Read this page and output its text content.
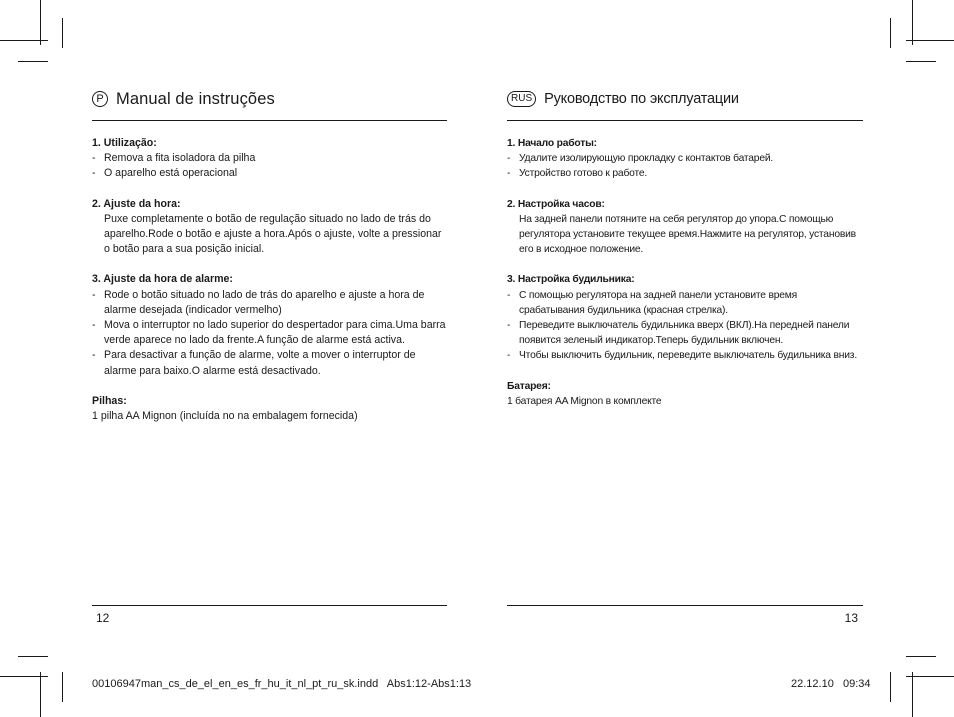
P Manual de instruções
1. Utilização:
- Remova a fita isoladora da pilha
- O aparelho está operacional
2. Ajuste da hora:
Puxe completamente o botão de regulação situado no lado de trás do aparelho.Rode o botão e ajuste a hora.Após o ajuste, volte a pressionar o botão para a sua posição inicial.
3. Ajuste da hora de alarme:
- Rode o botão situado no lado de trás do aparelho e ajuste a hora de alarme desejada (indicador vermelho)
- Mova o interruptor no lado superior do despertador para cima.Uma barra verde aparece no lado da frente.A função de alarme está activa.
- Para desactivar a função de alarme, volte a mover o interruptor de alarme para baixo.O alarme está desactivado.
Pilhas:
1 pilha AA Mignon (incluída no na embalagem fornecida)
12
RUS Руководство по эксплуатации
1. Начало работы:
- Удалите изолирующую прокладку с контактов батарей.
- Устройство готово к работе.
2. Настройка часов:
На задней панели потяните на себя регулятор до упора.С помощью регулятора установите текущее время.Нажмите на регулятор, установив его в исходное положение.
3. Настройка будильника:
- С помощью регулятора на задней панели установите время срабатывания будильника (красная стрелка).
- Переведите выключатель будильника вверх (ВКЛ).На передней панели появится зеленый индикатор.Теперь будильник включен.
- Чтобы выключить будильник, переведите выключатель будильника вниз.
Батарея:
1 батарея AA Mignon в комплекте
13
00106947man_cs_de_el_en_es_fr_hu_it_nl_pt_ru_sk.indd   Abs1:12-Abs1:13	22.12.10   09:34
